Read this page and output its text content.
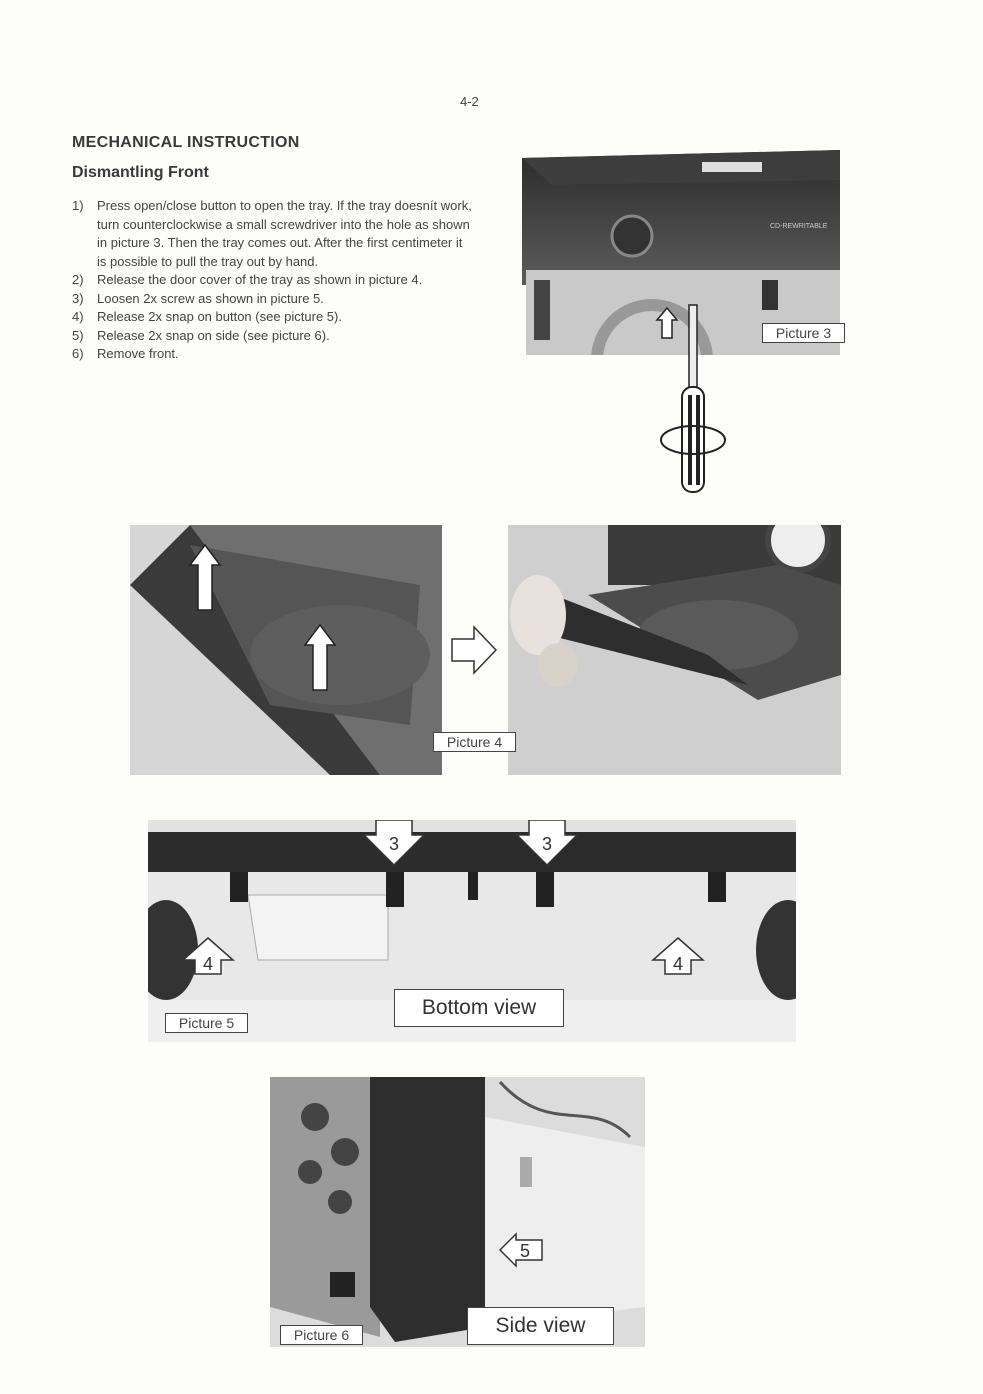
4-2
MECHANICAL INSTRUCTION
Dismantling Front
1) Press open/close button to open the tray. If the tray doesnít work, turn counterclockwise a small screwdriver into the hole as shown in picture 3. Then the tray comes out. After the first centimeter it is possible to pull the tray out by hand.
2) Release the door cover of the tray as shown in picture 4.
3) Loosen 2x screw as shown in picture 5.
4) Release 2x snap on button (see picture 5).
5) Release 2x snap on side (see picture 6).
6) Remove front.
CD-REWRITABLE
Picture 3
Picture 4
3	3
4	4
Bottom view
Picture 5
5
Side view
Picture 6
